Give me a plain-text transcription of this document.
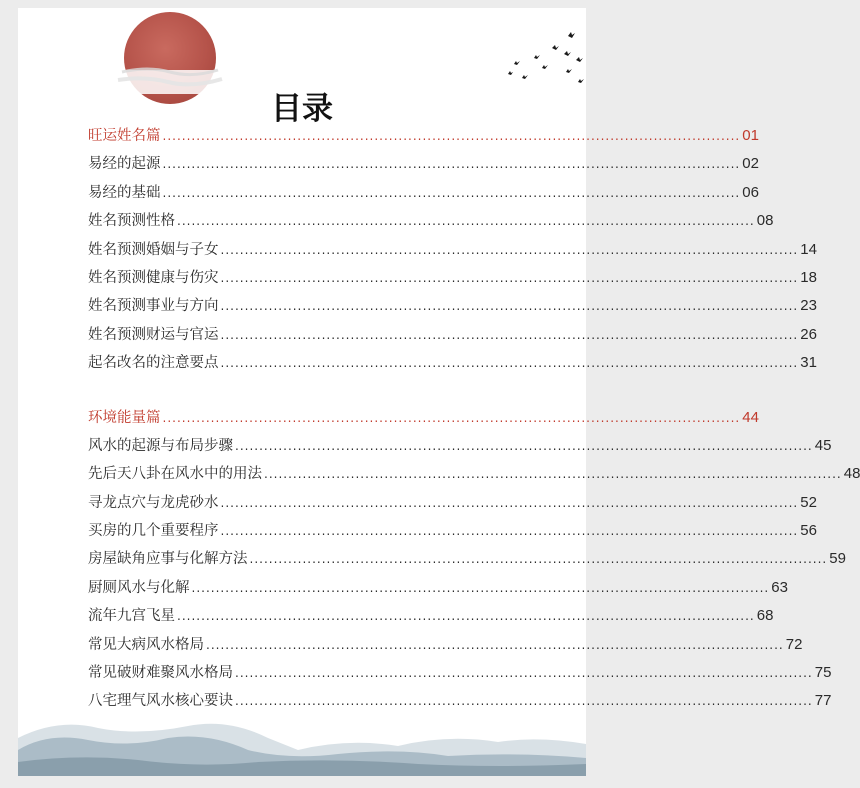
目录
旺运姓名篇 ........................................................................................................................ 01
易经的起源 ........................................................................................................................ 02
易经的基础 ........................................................................................................................ 06
姓名预测性格 ........................................................................................................................ 08
姓名预测婚姻与子女 ........................................................................................................................ 14
姓名预测健康与伤灾 ........................................................................................................................ 18
姓名预测事业与方向 ........................................................................................................................ 23
姓名预测财运与官运 ........................................................................................................................ 26
起名改名的注意要点 ........................................................................................................................ 31
环境能量篇 ........................................................................................................................ 44
风水的起源与布局步骤 ........................................................................................................................ 45
先后天八卦在风水中的用法 ........................................................................................................................ 48
寻龙点穴与龙虎砂水 ........................................................................................................................ 52
买房的几个重要程序 ........................................................................................................................ 56
房屋缺角应事与化解方法 ........................................................................................................................ 59
厨厕风水与化解 ........................................................................................................................ 63
流年九宫飞星 ........................................................................................................................ 68
常见大病风水格局 ........................................................................................................................ 72
常见破财难聚风水格局 ........................................................................................................................ 75
八宅理气风水核心要诀 ........................................................................................................................ 77
